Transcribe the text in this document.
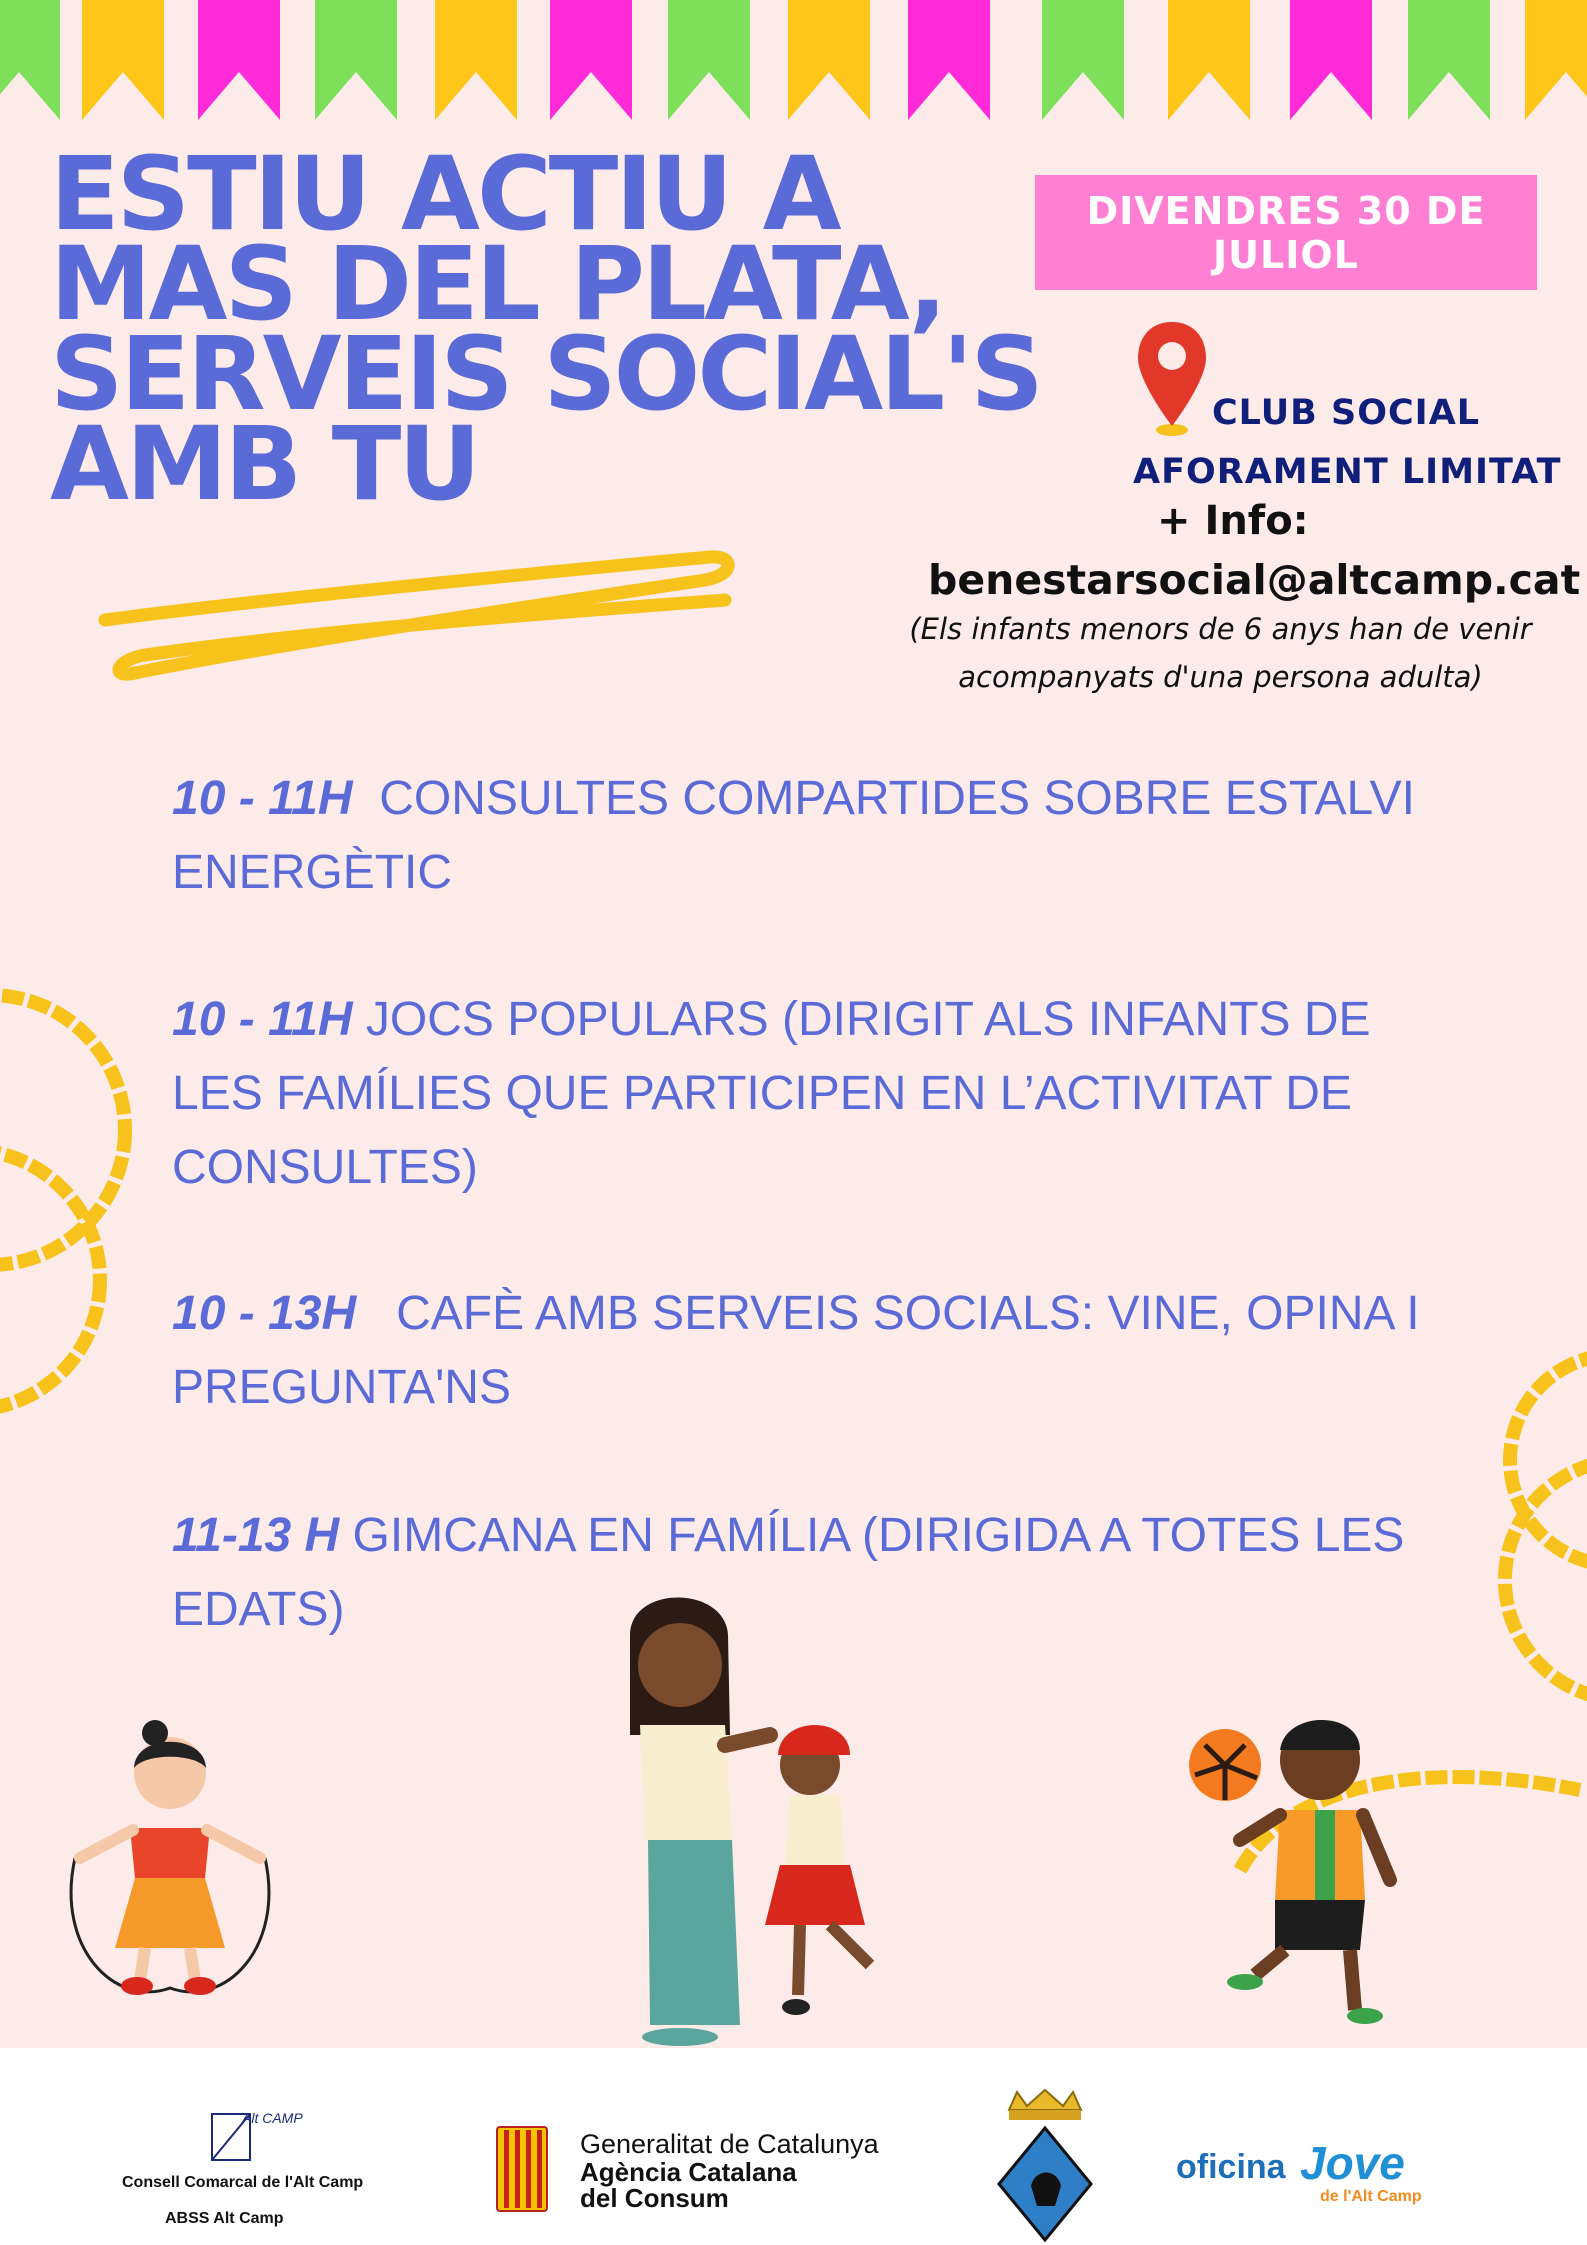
ESTIU ACTIU A
MAS DEL PLATA,
SERVEIS SOCIAL'S
AMB TU
DIVENDRES 30 DE
JULIOL
CLUB SOCIAL
AFORAMENT LIMITAT
+ Info:
benestarsocial@altcamp.cat
(Els infants menors de 6 anys han de venir
acompanyats d'una persona adulta)
10 - 11H CONSULTES COMPARTIDES SOBRE ESTALVI
ENERGÈTIC
10 - 11H JOCS POPULARS (DIRIGIT ALS INFANTS DE
LES FAMÍLIES QUE PARTICIPEN EN L’ACTIVITAT DE
CONSULTES)
10 - 13H CAFÈ AMB SERVEIS SOCIALS: VINE, OPINA I
PREGUNTA'NS
11-13 H GIMCANA EN FAMÍLIA (DIRIGIDA A TOTES LES
EDATS)
Alt CAMP
Consell Comarcal de l'Alt Camp
ABSS Alt Camp
Generalitat de Catalunya
Agència Catalana
del Consum
oficina Jove
de l'Alt Camp
